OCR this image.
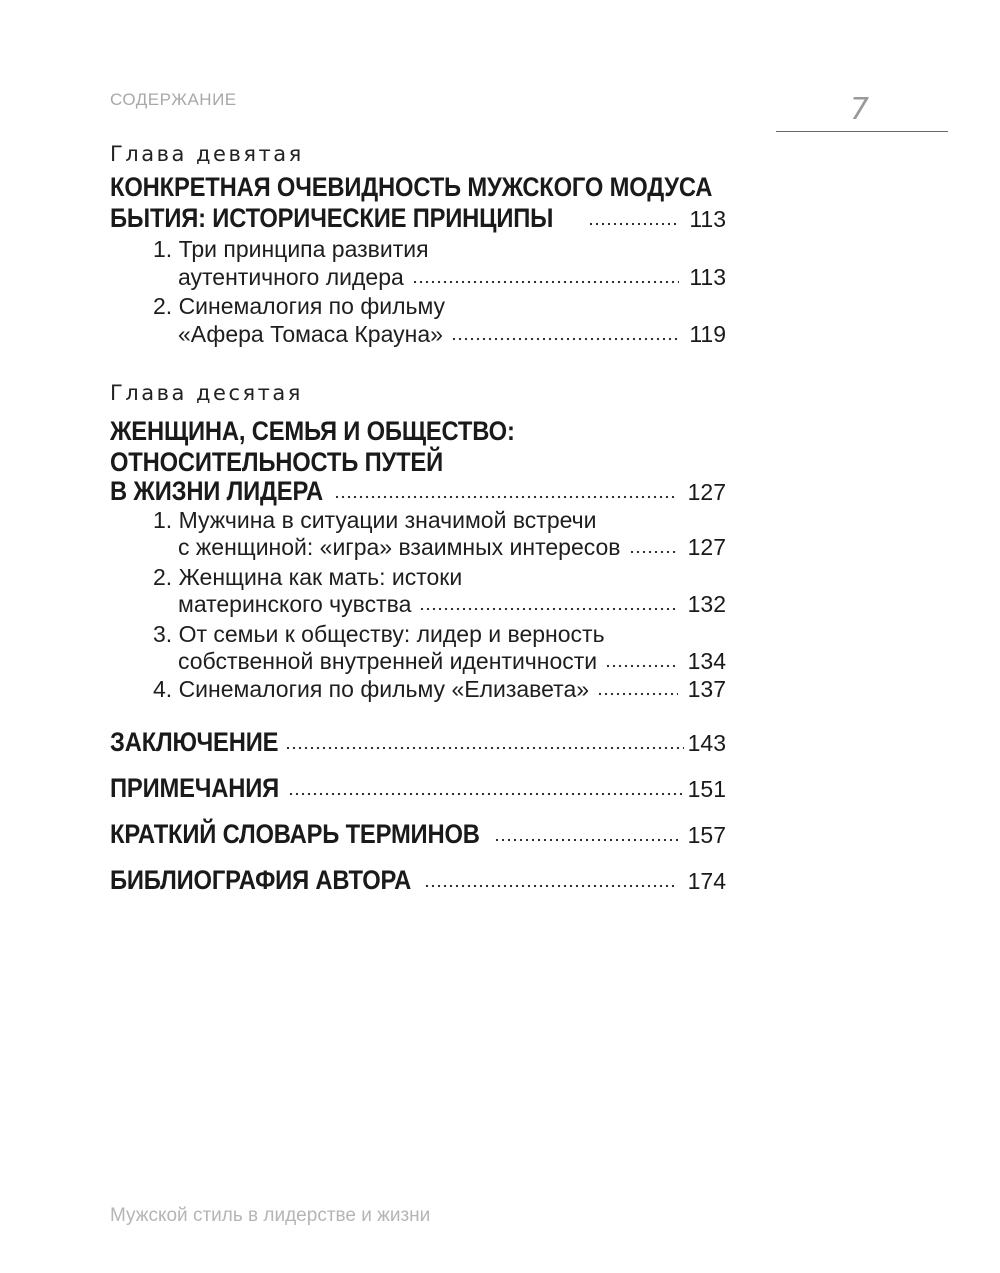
СОДЕРЖАНИЕ	7
Глава девятая
КОНКРЕТНАЯ ОЧЕВИДНОСТЬ МУЖСКОГО МОДУСА
БЫТИЯ: ИСТОРИЧЕСКИЕ ПРИНЦИПЫ	113
1. Три принципа развития
аутентичного лидера	113
2. Синемалогия по фильму
«Афера Томаса Крауна»	119
Глава десятая
ЖЕНЩИНА, СЕМЬЯ И ОБЩЕСТВО:
ОТНОСИТЕЛЬНОСТЬ ПУТЕЙ
В ЖИЗНИ ЛИДЕРА	127
1. Мужчина в ситуации значимой встречи
с женщиной: «игра» взаимных интересов	127
2. Женщина как мать: истоки
материнского чувства	132
3. От семьи к обществу: лидер и верность
собственной внутренней идентичности	134
4. Синемалогия по фильму «Елизавета»	137
ЗАКЛЮЧЕНИЕ	143
ПРИМЕЧАНИЯ	151
КРАТКИЙ СЛОВАРЬ ТЕРМИНОВ	157
БИБЛИОГРАФИЯ АВТОРА	174
Мужской стиль в лидерстве и жизни
